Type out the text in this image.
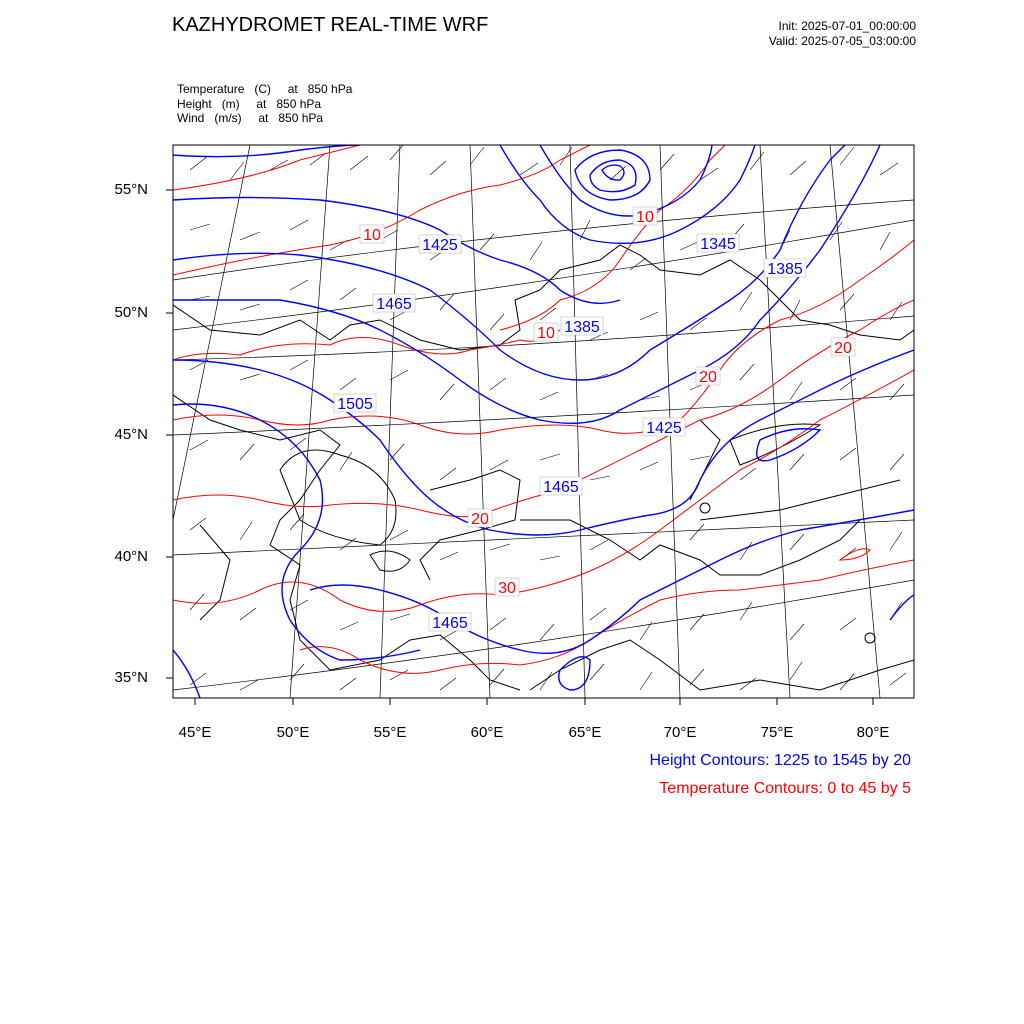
KAZHYDROMET REAL-TIME WRF	Init: 2025-07-01_00:00:00
Valid: 2025-07-05_03:00:00
Temperature   (C)     at   850 hPa
Height   (m)     at   850 hPa
Wind   (m/s)     at   850 hPa
1425	1345
1385
1465
1385
1505
1425
1465
1465
10
10
10
20
20
20
30
45°E	50°E	55°E	60°E	65°E	70°E	75°E	80°E
55°N
50°N
45°N
40°N
35°N
Height Contours: 1225 to 1545 by 20
Temperature Contours: 0 to 45 by 5
